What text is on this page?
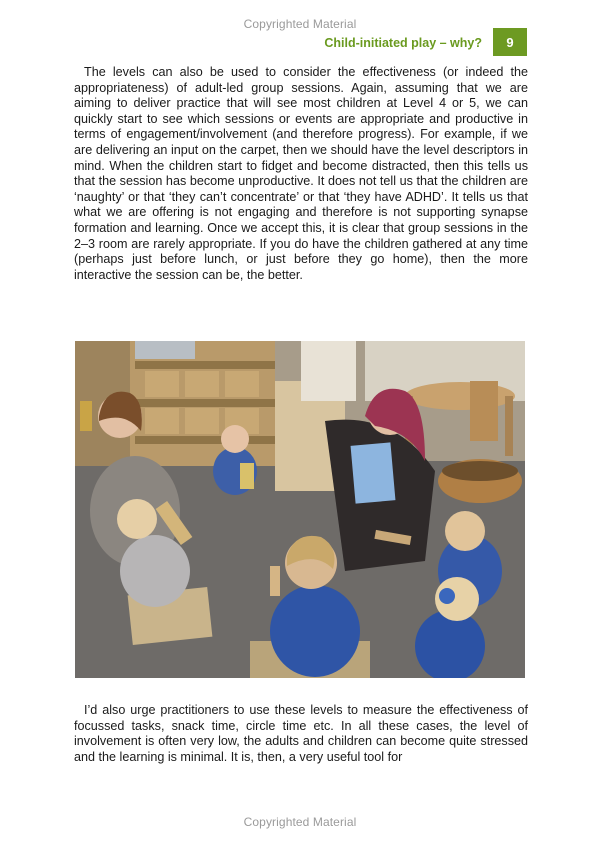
Copyrighted Material
Child-initiated play – why?	9

The levels can also be used to consider the effectiveness (or indeed the appropriateness) of adult-led group sessions. Again, assuming that we are aiming to deliver practice that will see most children at Level 4 or 5, we can quickly start to see which sessions or events are appropriate and productive in terms of engagement/involvement (and therefore progress). For example, if we are delivering an input on the carpet, then we should have the level descriptors in mind. When the children start to fidget and become distracted, then this tells us that the session has become unproductive. It does not tell us that the children are ‘naughty’ or that ‘they can’t concentrate’ or that ‘they have ADHD’. It tells us that what we are offering is not engaging and therefore is not supporting synapse formation and learning. Once we accept this, it is clear that group sessions in the 2–3 room are rarely appropriate. If you do have the children gathered at any time (perhaps just before lunch, or just before they go home), then the more interactive the session can be, the better.

I’d also urge practitioners to use these levels to measure the effectiveness of focussed tasks, snack time, circle time etc. In all these cases, the level of involvement is often very low, the adults and children can become quite stressed and the learning is minimal. It is, then, a very useful tool for

Copyrighted Material
